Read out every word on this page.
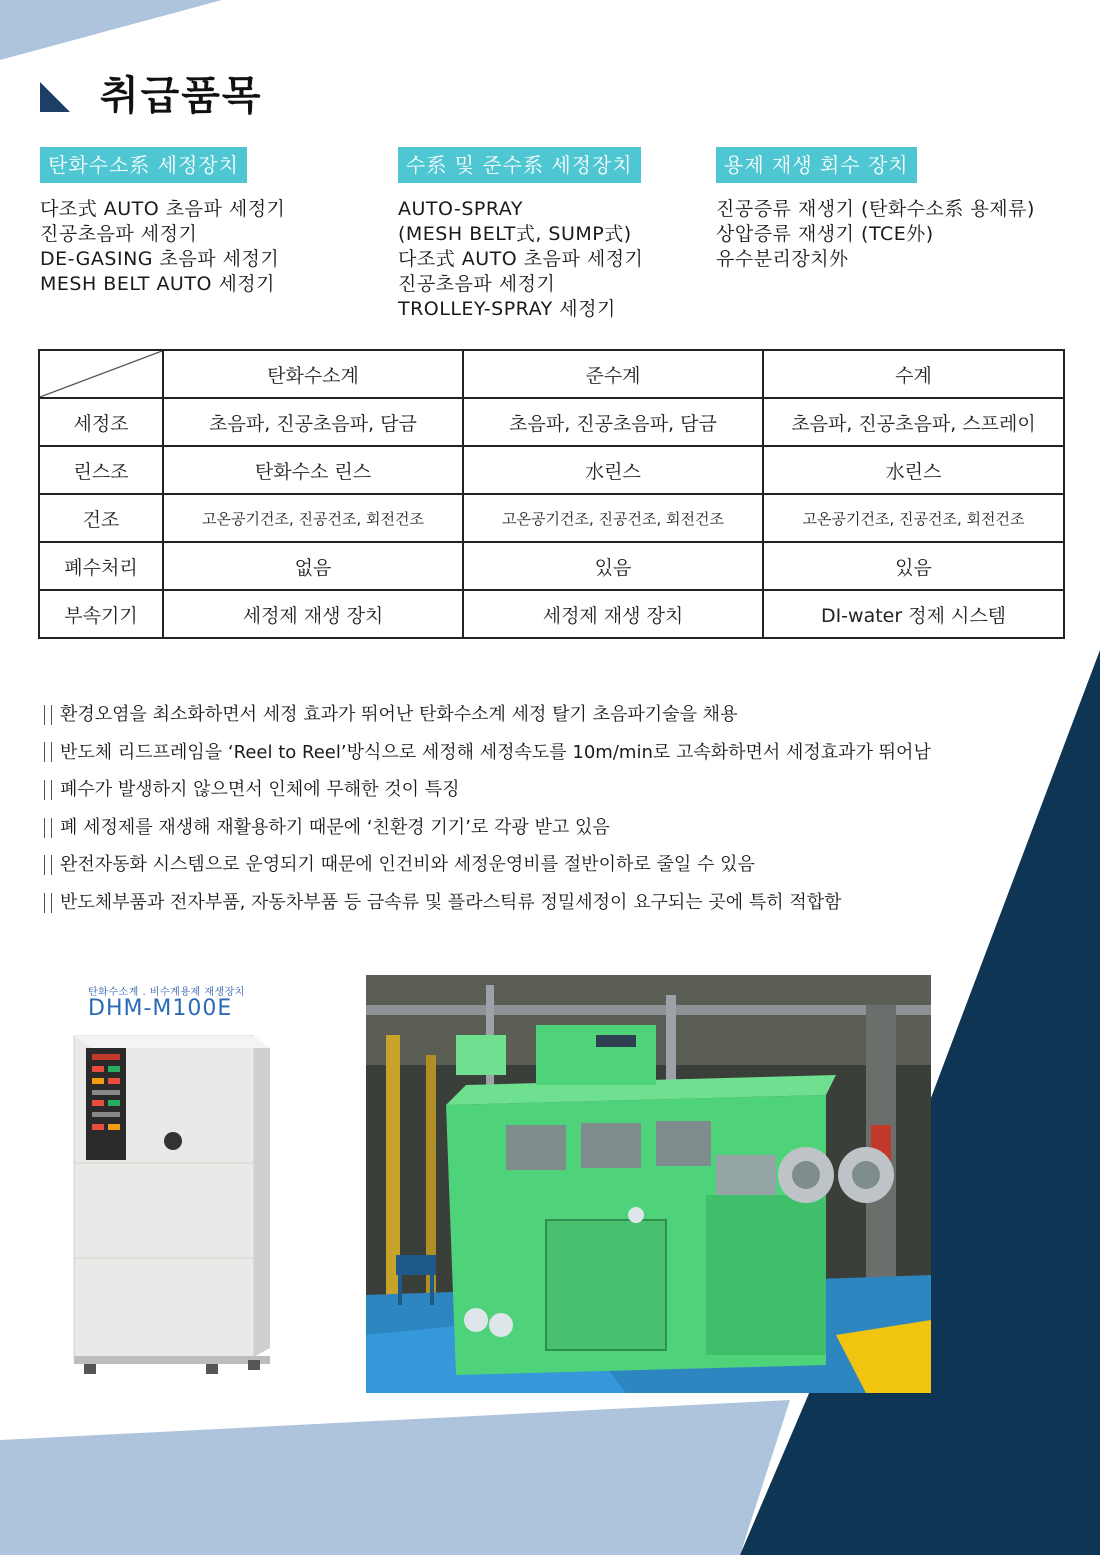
취급품목
탄화수소系 세정장치
다조式 AUTO 초음파 세정기
진공초음파 세정기
DE-GASING 초음파 세정기
MESH BELT AUTO 세정기
수系 및 준수系 세정장치
AUTO-SPRAY
(MESH BELT式, SUMP式)
다조式 AUTO 초음파 세정기
진공초음파 세정기
TROLLEY-SPRAY 세정기
용제 재생 회수 장치
진공증류 재생기 (탄화수소系 용제류)
상압증류 재생기 (TCE外)
유수분리장치外
	탄화수소계	준수계	수계
세정조	초음파, 진공초음파, 담금	초음파, 진공초음파, 담금	초음파, 진공초음파, 스프레이
린스조	탄화수소 린스	水린스	水린스
건조	고온공기건조, 진공건조, 회전건조	고온공기건조, 진공건조, 회전건조	고온공기건조, 진공건조, 회전건조
폐수처리	없음	있음	있음
부속기기	세정제 재생 장치	세정제 재생 장치	DI-water 정제 시스템
환경오염을 최소화하면서 세정 효과가 뛰어난 탄화수소계 세정 탈기 초음파기술을 채용
반도체 리드프레임을 ‘Reel to Reel’방식으로 세정해 세정속도를 10m/min로 고속화하면서 세정효과가 뛰어남
폐수가 발생하지 않으면서 인체에 무해한 것이 특징
폐 세정제를 재생해 재활용하기 때문에 ‘친환경 기기’로 각광 받고 있음
완전자동화 시스템으로 운영되기 때문에 인건비와 세정운영비를 절반이하로 줄일 수 있음
반도체부품과 전자부품, 자동차부품 등 금속류 및 플라스틱류 정밀세정이 요구되는 곳에 특히 적합함
탄화수소계 . 비수계용제 재생장치
DHM-M100E
